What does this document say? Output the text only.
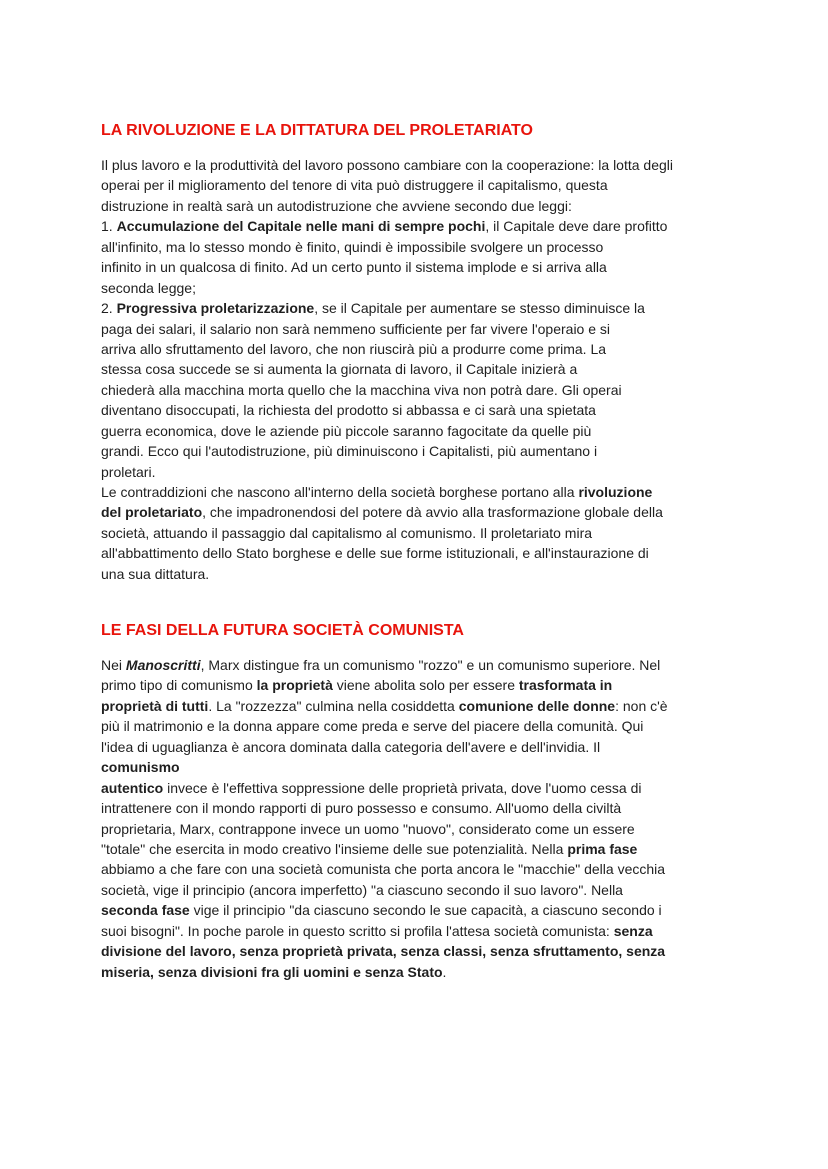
LA RIVOLUZIONE E LA DITTATURA DEL PROLETARIATO
Il plus lavoro e la produttività del lavoro possono cambiare con la cooperazione: la lotta degli
operai per il miglioramento del tenore di vita può distruggere il capitalismo, questa
distruzione in realtà sarà un autodistruzione che avviene secondo due leggi:
1. Accumulazione del Capitale nelle mani di sempre pochi, il Capitale deve dare profitto
all'infinito, ma lo stesso mondo è finito, quindi è impossibile svolgere un processo
infinito in un qualcosa di finito. Ad un certo punto il sistema implode e si arriva alla
seconda legge;
2. Progressiva proletarizzazione, se il Capitale per aumentare se stesso diminuisce la
paga dei salari, il salario non sarà nemmeno sufficiente per far vivere l'operaio e si
arriva allo sfruttamento del lavoro, che non riuscirà più a produrre come prima. La
stessa cosa succede se si aumenta la giornata di lavoro, il Capitale inizierà a
chiederà alla macchina morta quello che la macchina viva non potrà dare. Gli operai
diventano disoccupati, la richiesta del prodotto si abbassa e ci sarà una spietata
guerra economica, dove le aziende più piccole saranno fagocitate da quelle più
grandi. Ecco qui l'autodistruzione, più diminuiscono i Capitalisti, più aumentano i
proletari.
Le contraddizioni che nascono all'interno della società borghese portano alla rivoluzione
del proletariato, che impadronendosi del potere dà avvio alla trasformazione globale della
società, attuando il passaggio dal capitalismo al comunismo. Il proletariato mira
all'abbattimento dello Stato borghese e delle sue forme istituzionali, e all'instaurazione di
una sua dittatura.
LE FASI DELLA FUTURA SOCIETÀ COMUNISTA
Nei Manoscritti, Marx distingue fra un comunismo "rozzo" e un comunismo superiore. Nel
primo tipo di comunismo la proprietà viene abolita solo per essere trasformata in
proprietà di tutti. La "rozzezza" culmina nella cosiddetta comunione delle donne: non c'è
più il matrimonio e la donna appare come preda e serve del piacere della comunità. Qui
l'idea di uguaglianza è ancora dominata dalla categoria dell'avere e dell'invidia. Il
comunismo
autentico invece è l'effettiva soppressione delle proprietà privata, dove l'uomo cessa di
intrattenere con il mondo rapporti di puro possesso e consumo. All'uomo della civiltà
proprietaria, Marx, contrappone invece un uomo "nuovo", considerato come un essere
"totale" che esercita in modo creativo l'insieme delle sue potenzialità. Nella prima fase
abbiamo a che fare con una società comunista che porta ancora le "macchie" della vecchia
società, vige il principio (ancora imperfetto) "a ciascuno secondo il suo lavoro". Nella
seconda fase vige il principio "da ciascuno secondo le sue capacità, a ciascuno secondo i
suoi bisogni". In poche parole in questo scritto si profila l'attesa società comunista: senza
divisione del lavoro, senza proprietà privata, senza classi, senza sfruttamento, senza
miseria, senza divisioni fra gli uomini e senza Stato.
